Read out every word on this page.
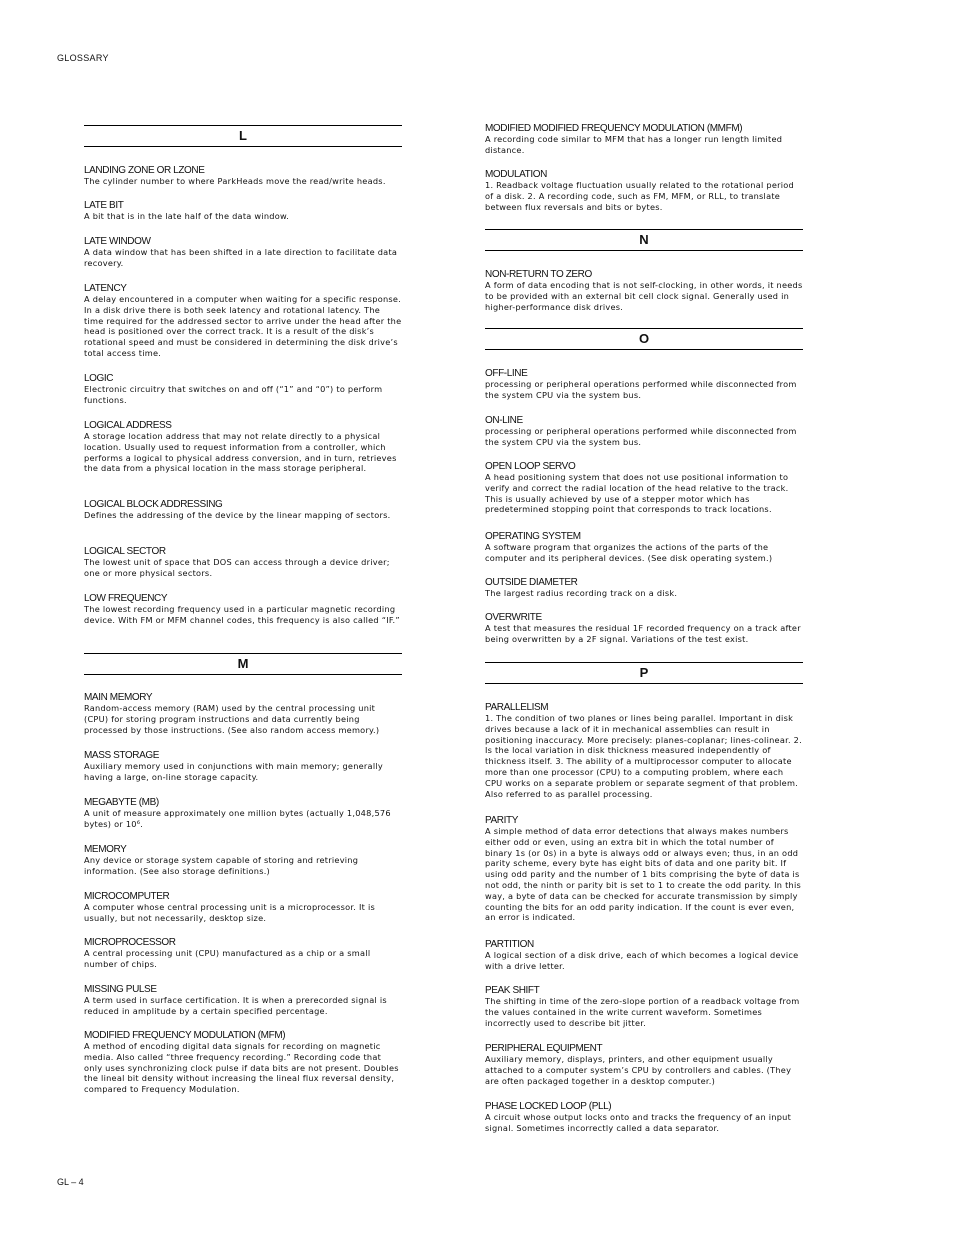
GLOSSARY
L
LANDING ZONE OR LZONE

The cylinder number to where ParkHeads move the read/write heads.

LATE BIT

A bit that is in the late half of the data window.

LATE WINDOW

A data window that has been shifted in a late direction to facilitate data recovery.

LATENCY

A delay encountered in a computer when waiting for a specific response. In a disk drive there is both seek latency and rotational latency. The time required for the addressed sector to arrive under the head after the head is positioned over the correct track. It is a result of the disk’s rotational speed and must be considered in determining the disk drive’s total access time.

LOGIC

Electronic circuitry that switches on and off (“1” and “0”) to perform functions.

LOGICAL ADDRESS

A storage location address that may not relate directly to a physical location. Usually used to request information from a controller, which performs a logical to physical address conversion, and in turn, retrieves the data from a physical location in the mass storage peripheral.

LOGICAL BLOCK ADDRESSING

Defines the addressing of the device by the linear mapping of sectors.

LOGICAL SECTOR

The lowest unit of space that DOS can access through a device driver; one or more physical sectors.

LOW FREQUENCY

The lowest recording frequency used in a particular magnetic recording device. With FM or MFM channel codes, this frequency is also called “IF.”

M
MAIN MEMORY

Random-access memory (RAM) used by the central processing unit (CPU) for storing program instructions and data currently being processed by those instructions. (See also random access memory.)

MASS STORAGE

Auxiliary memory used in conjunctions with main memory; generally having a large, on-line storage capacity.

MEGABYTE (MB)

A unit of measure approximately one million bytes (actually 1,048,576 bytes) or 10⁶.

MEMORY

Any device or storage system capable of storing and retrieving information. (See also storage definitions.)

MICROCOMPUTER

A computer whose central processing unit is a microprocessor. It is usually, but not necessarily, desktop size.

MICROPROCESSOR

A central processing unit (CPU) manufactured as a chip or a small number of chips.

MISSING PULSE

A term used in surface certification. It is when a prerecorded signal is reduced in amplitude by a certain specified percentage.

MODIFIED FREQUENCY MODULATION (MFM)

A method of encoding digital data signals for recording on magnetic media. Also called “three frequency recording.” Recording code that only uses synchronizing clock pulse if data bits are not present. Doubles the lineal bit density without increasing the lineal flux reversal density, compared to Frequency Modulation.

MODIFIED MODIFIED FREQUENCY MODULATION (MMFM)

A recording code similar to MFM that has a longer run length limited distance.

MODULATION

1. Readback voltage fluctuation usually related to the rotational period of a disk. 2. A recording code, such as FM, MFM, or RLL, to translate between flux reversals and bits or bytes.

N
NON-RETURN TO ZERO

A form of data encoding that is not self-clocking, in other words, it needs to be provided with an external bit cell clock signal. Generally used in higher-performance disk drives.

O
OFF-LINE

processing or peripheral operations performed while disconnected from the system CPU via the system bus.

ON-LINE

processing or peripheral operations performed while disconnected from the system CPU via the system bus.

OPEN LOOP SERVO

A head positioning system that does not use positional information to verify and correct the radial location of the head relative to the track. This is usually achieved by use of a stepper motor which has predetermined stopping point that corresponds to track locations.

OPERATING SYSTEM

A software program that organizes the actions of the parts of the computer and its peripheral devices. (See disk operating system.)

OUTSIDE DIAMETER

The largest radius recording track on a disk.

OVERWRITE

A test that measures the residual 1F recorded frequency on a track after being overwritten by a 2F signal. Variations of the test exist.

P
PARALLELISM

1. The condition of two planes or lines being parallel. Important in disk drives because a lack of it in mechanical assemblies can result in positioning inaccuracy. More precisely: planes-coplanar; lines-colinear. 2. Is the local variation in disk thickness measured independently of thickness itself. 3. The ability of a multiprocessor computer to allocate more than one processor (CPU) to a computing problem, where each CPU works on a separate problem or separate segment of that problem. Also referred to as parallel processing.

PARITY

A simple method of data error detections that always makes numbers either odd or even, using an extra bit in which the total number of binary 1s (or 0s) in a byte is always odd or always even; thus, in an odd parity scheme, every byte has eight bits of data and one parity bit. If using odd parity and the number of 1 bits comprising the byte of data is not odd, the ninth or parity bit is set to 1 to create the odd parity. In this way, a byte of data can be checked for accurate transmission by simply counting the bits for an odd parity indication. If the count is ever even, an error is indicated.

PARTITION

A logical section of a disk drive, each of which becomes a logical device with a drive letter.

PEAK SHIFT

The shifting in time of the zero-slope portion of a readback voltage from the values contained in the write current waveform. Sometimes incorrectly used to describe bit jitter.

PERIPHERAL EQUIPMENT

Auxiliary memory, displays, printers, and other equipment usually attached to a computer system’s CPU by controllers and cables. (They are often packaged together in a desktop computer.)

PHASE LOCKED LOOP (PLL)

A circuit whose output locks onto and tracks the frequency of an input signal. Sometimes incorrectly called a data separator.

GL – 4
